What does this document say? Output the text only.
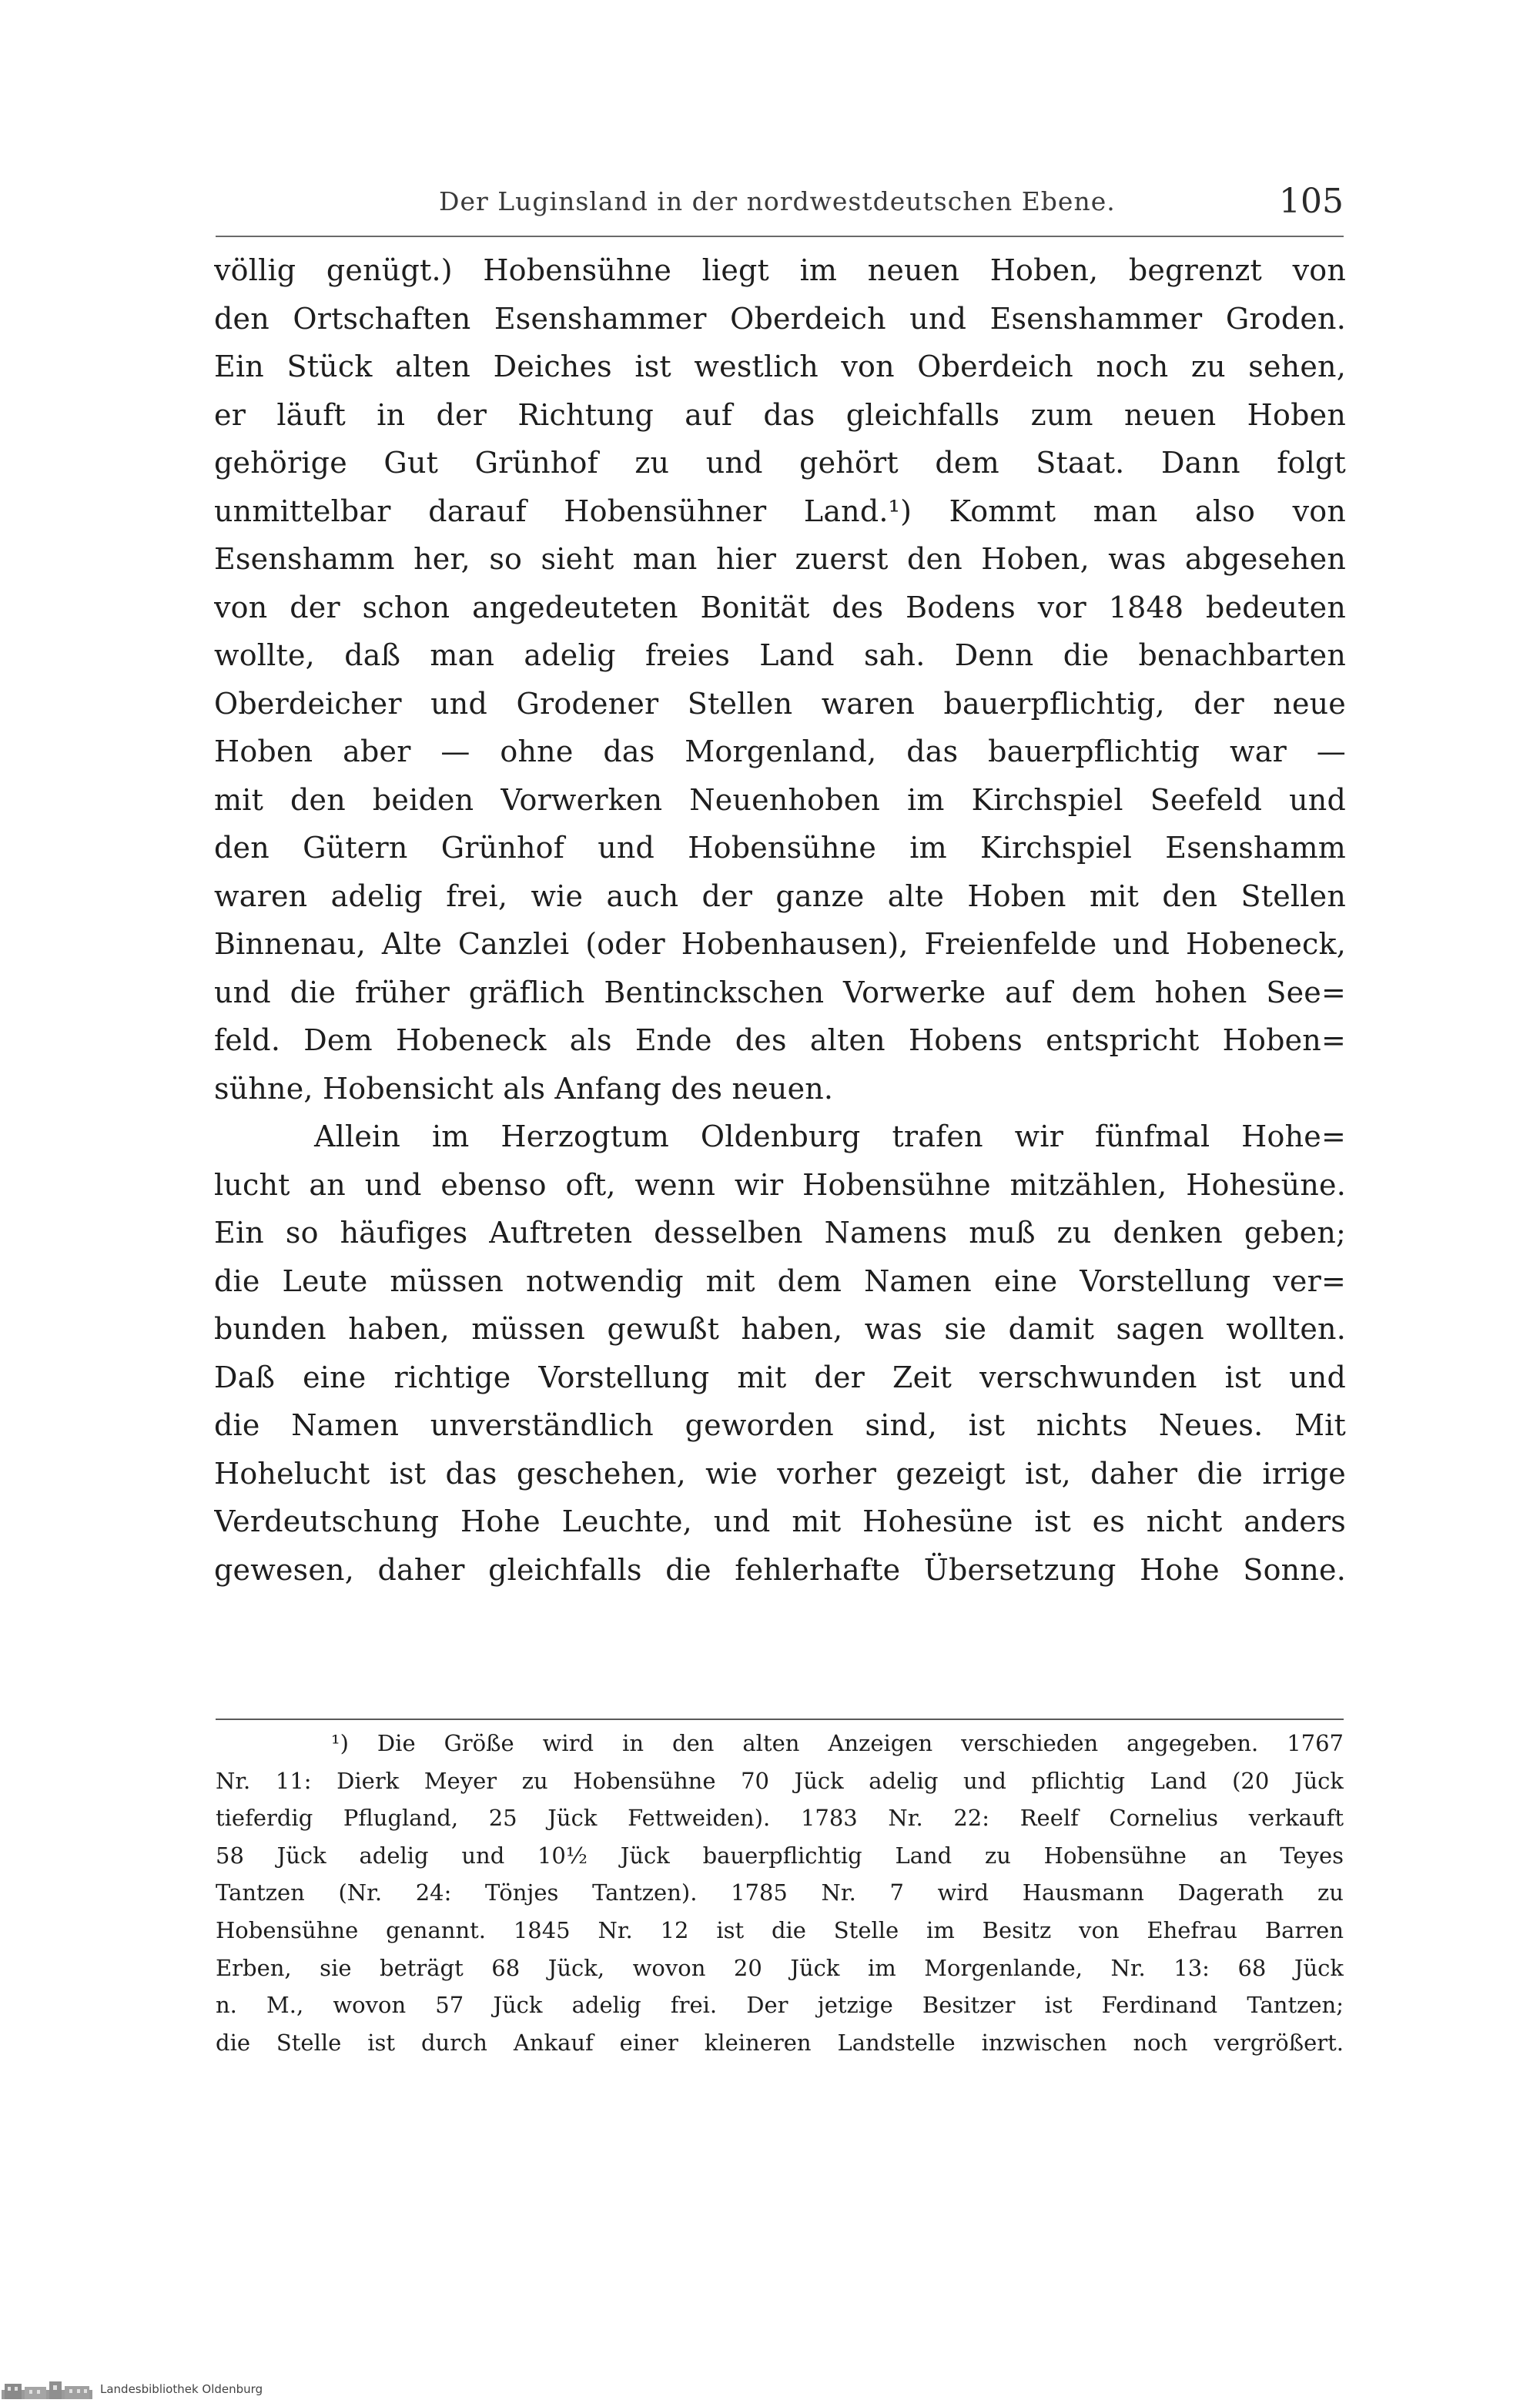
Der Luginsland in der nordwestdeutschen Ebene.	105
völlig genügt.) Hobensühne liegt im neuen Hoben, begrenzt von
den Ortschaften Esenshammer Oberdeich und Esenshammer Groden.
Ein Stück alten Deiches ist westlich von Oberdeich noch zu sehen,
er läuft in der Richtung auf das gleichfalls zum neuen Hoben
gehörige Gut Grünhof zu und gehört dem Staat. Dann folgt
unmittelbar darauf Hobensühner Land.¹) Kommt man also von
Esenshamm her, so sieht man hier zuerst den Hoben, was abgesehen
von der schon angedeuteten Bonität des Bodens vor 1848 bedeuten
wollte, daß man adelig freies Land sah. Denn die benachbarten
Oberdeicher und Grodener Stellen waren bauerpflichtig, der neue
Hoben aber — ohne das Morgenland, das bauerpflichtig war —
mit den beiden Vorwerken Neuenhoben im Kirchspiel Seefeld und
den Gütern Grünhof und Hobensühne im Kirchspiel Esenshamm
waren adelig frei, wie auch der ganze alte Hoben mit den Stellen
Binnenau, Alte Canzlei (oder Hobenhausen), Freienfelde und Hobeneck,
und die früher gräflich Bentinckschen Vorwerke auf dem hohen See=
feld. Dem Hobeneck als Ende des alten Hobens entspricht Hoben=
sühne, Hobensicht als Anfang des neuen.
Allein im Herzogtum Oldenburg trafen wir fünfmal Hohe=
lucht an und ebenso oft, wenn wir Hobensühne mitzählen, Hohesüne.
Ein so häufiges Auftreten desselben Namens muß zu denken geben;
die Leute müssen notwendig mit dem Namen eine Vorstellung ver=
bunden haben, müssen gewußt haben, was sie damit sagen wollten.
Daß eine richtige Vorstellung mit der Zeit verschwunden ist und
die Namen unverständlich geworden sind, ist nichts Neues. Mit
Hohelucht ist das geschehen, wie vorher gezeigt ist, daher die irrige
Verdeutschung Hohe Leuchte, und mit Hohesüne ist es nicht anders
gewesen, daher gleichfalls die fehlerhafte Übersetzung Hohe Sonne.
¹) Die Größe wird in den alten Anzeigen verschieden angegeben. 1767
Nr. 11: Dierk Meyer zu Hobensühne 70 Jück adelig und pflichtig Land (20 Jück
tieferdig Pflugland, 25 Jück Fettweiden). 1783 Nr. 22: Reelf Cornelius verkauft
58 Jück adelig und 10½ Jück bauerpflichtig Land zu Hobensühne an Teyes
Tantzen (Nr. 24: Tönjes Tantzen). 1785 Nr. 7 wird Hausmann Dagerath zu
Hobensühne genannt. 1845 Nr. 12 ist die Stelle im Besitz von Ehefrau Barren
Erben, sie beträgt 68 Jück, wovon 20 Jück im Morgenlande, Nr. 13: 68 Jück
n. M., wovon 57 Jück adelig frei. Der jetzige Besitzer ist Ferdinand Tantzen;
die Stelle ist durch Ankauf einer kleineren Landstelle inzwischen noch vergrößert.
Landesbibliothek Oldenburg
